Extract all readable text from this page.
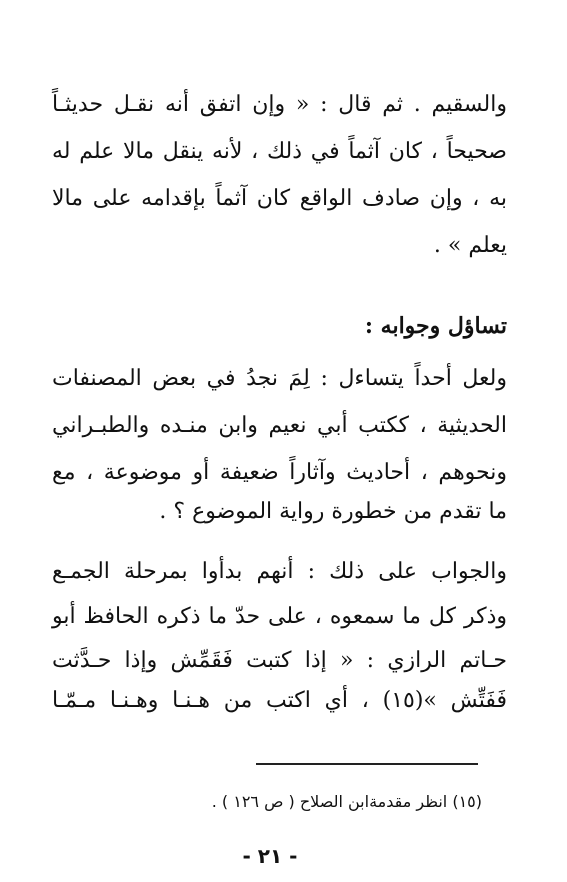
والسقيم . ثم قال : « وإن اتفق أنه نقـل حديثـاً
صحيحاً ، كان آثماً في ذلك ، لأنه ينقل مالا علم له
به ، وإن صادف الواقع كان آثماً بإقدامه على مالا
يعلم » .
تساؤل وجوابه :
ولعل أحداً يتساءل : لِمَ نجدُ في بعض المصنفات
الحديثية ، ككتب أبي نعيم وابن منـده والطبـراني
ونحوهم ، أحاديث وآثاراً ضعيفة أو موضوعة ، مع
ما تقدم من خطورة رواية الموضوع ؟ .
والجواب على ذلك : أنهم بدأوا بمرحلة الجمـع
وذكر كل ما سمعوه ، على حدّ ما ذكره الحافظ أبو
حـاتم الرازي : « إذا كتبت فَقَمِّش وإذا حـدَّثت
فَفَتِّش »(١٥) ، أي اكتب من هـنـا وهـنـا مـمّـا
(١٥) انظر مقدمةابن الصلاح ( ص ١٢٦ ) .
- ٢١ -
